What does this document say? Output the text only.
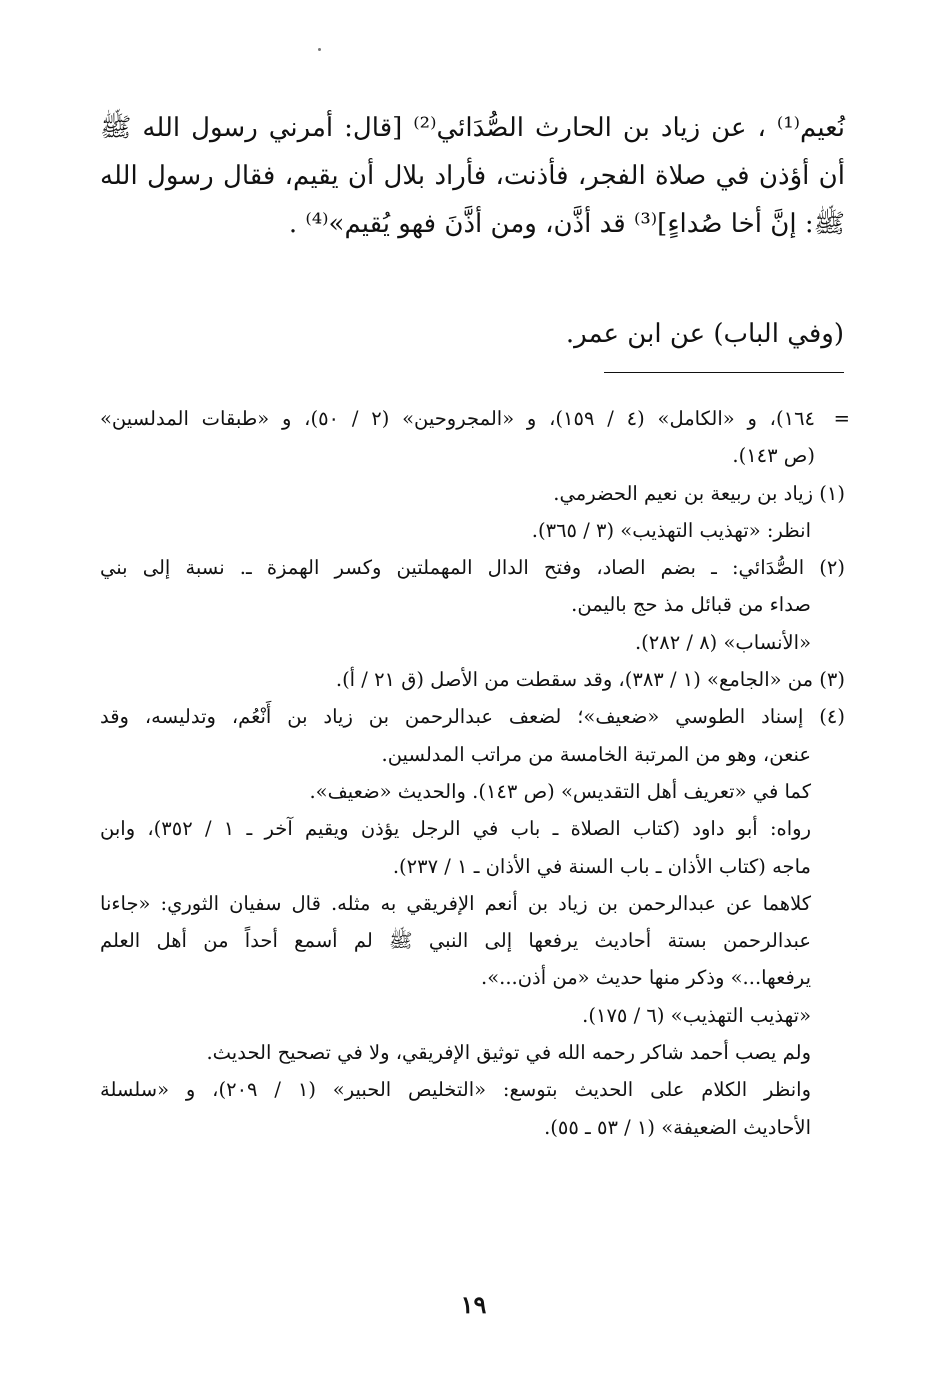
نُعيم⁽¹⁾ ، عن زياد بن الحارث الصُّدَائي⁽²⁾ [قال: أمرني رسول الله ﷺ أن أؤذن في صلاة الفجر، فأذنت، فأراد بلال أن يقيم، فقال رسول الله ﷺ: إنَّ أخا صُداءٍ]⁽³⁾ قد أذَّن، ومن أذَّنَ فهو يُقيم»⁽⁴⁾ .

(وفي الباب) عن ابن عمر.
=
١٦٤)، و «الكامل» (٤ / ١٥٩)، و «المجروحين» (٢ / ٥٠)، و «طبقات المدلسين»
(ص ١٤٣).
(١) زياد بن ربيعة بن نعيم الحضرمي.
انظر: «تهذيب التهذيب» (٣ / ٣٦٥).
(٢) الصُّدَائي: ـ بضم الصاد، وفتح الدال المهملتين وكسر الهمزة ـ. نسبة إلى بني
صداء من قبائل مذ حج باليمن.
«الأنساب» (٨ / ٢٨٢).
(٣) من «الجامع» (١ / ٣٨٣)، وقد سقطت من الأصل (ق ٢١ / أ).
(٤) إسناد الطوسي «ضعيف»؛ لضعف عبدالرحمن بن زياد بن أَنْعُم، وتدليسه، وقد
عنعن، وهو من المرتبة الخامسة من مراتب المدلسين.
كما في «تعريف أهل التقديس» (ص ١٤٣). والحديث «ضعيف».
رواه: أبو داود (كتاب الصلاة ـ باب في الرجل يؤذن ويقيم آخر ـ ١ / ٣٥٢)، وابن
ماجه (كتاب الأذان ـ باب السنة في الأذان ـ ١ / ٢٣٧).
كلاهما عن عبدالرحمن بن زياد بن أنعم الإفريقي به مثله. قال سفيان الثوري: «جاءنا
عبدالرحمن بستة أحاديث يرفعها إلى النبي ﷺ لم أسمع أحداً من أهل العلم
يرفعها...» وذكر منها حديث «من أذن...».
«تهذيب التهذيب» (٦ / ١٧٥).
ولم يصب أحمد شاكر رحمه الله في توثيق الإفريقي، ولا في تصحيح الحديث.
وانظر الكلام على الحديث بتوسع: «التخليص الحبير» (١ / ٢٠٩)، و «سلسلة
الأحاديث الضعيفة» (١ / ٥٣ ـ ٥٥).
١٩
